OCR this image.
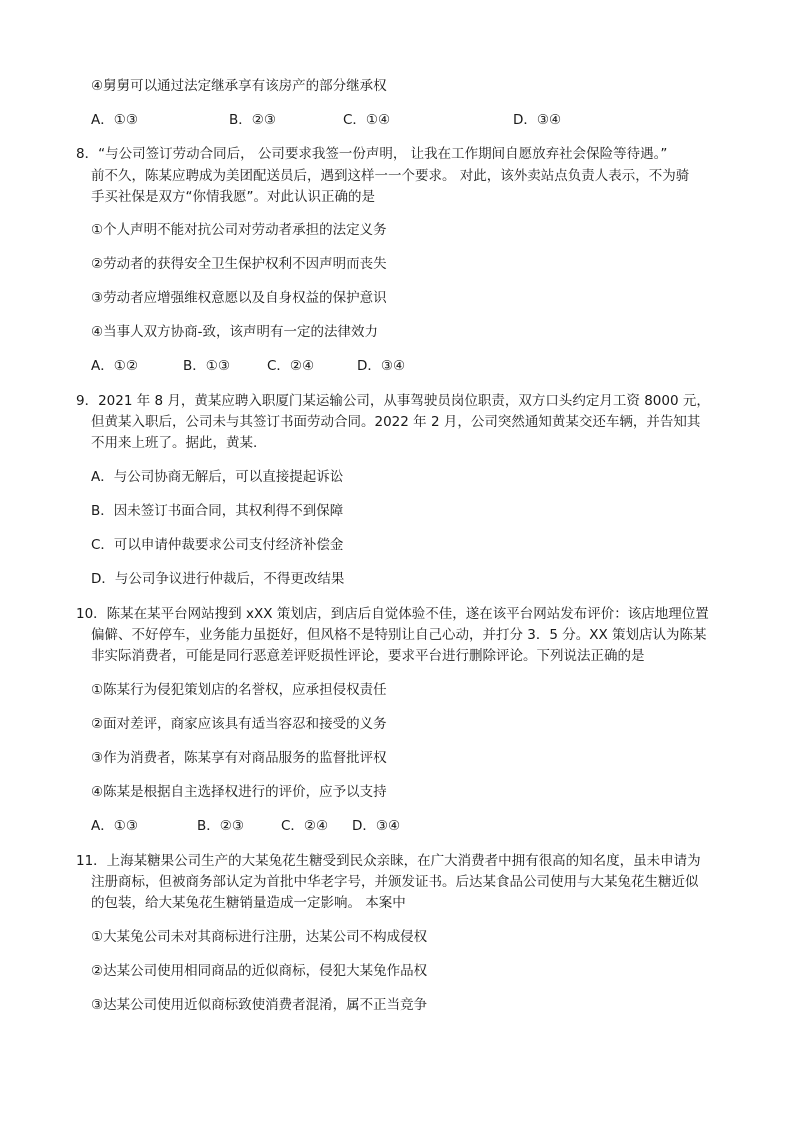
④舅舅可以通过法定继承享有该房产的部分继承权
A．①③	B．②③	C．①④	D．③④
8．“与公司签订劳动合同后， 公司要求我签一份声明， 让我在工作期间自愿放弃社会保险等待遇。”
前不久，陈某应聘成为美团配送员后，遇到这样一一个要求。 对此，该外卖站点负责人表示，不为骑
手买社保是双方“你情我愿”。对此认识正确的是
①个人声明不能对抗公司对劳动者承担的法定义务
②劳动者的获得安全卫生保护权利不因声明而丧失
③劳动者应增强维权意愿以及自身权益的保护意识
④当事人双方协商-致，该声明有一定的法律效力
A．①②	B．①③	C．②④	D．③④
9．2021 年 8 月，黄某应聘入职厦门某运输公司，从事驾驶员岗位职责，双方口头约定月工资 8000 元，
但黄某入职后，公司未与其签订书面劳动合同。2022 年 2 月，公司突然通知黄某交还车辆，并告知其
不用来上班了。据此，黄某.
A．与公司协商无解后，可以直接提起诉讼
B．因未签订书面合同，其权利得不到保障
C．可以申请仲裁要求公司支付经济补偿金
D．与公司争议进行仲裁后，不得更改结果
10．陈某在某平台网站搜到 xXX 策划店，到店后自觉体验不佳，遂在该平台网站发布评价：该店地理位置
偏僻、不好停车，业务能力虽挺好，但风格不是特别让自己心动，并打分 3．5 分。XX 策划店认为陈某
非实际消费者，可能是同行恶意差评贬损性评论，要求平台进行删除评论。下列说法正确的是
①陈某行为侵犯策划店的名誉权，应承担侵权责任
②面对差评，商家应该具有适当容忍和接受的义务
③作为消费者，陈某享有对商品服务的监督批评权
④陈某是根据自主选择权进行的评价，应予以支持
A．①③	B．②③	C．②④ D．③④
11．上海某糖果公司生产的大某兔花生糖受到民众亲睐，在广大消费者中拥有很高的知名度，虽未申请为
注册商标，但被商务部认定为首批中华老字号，并颁发证书。后达某食品公司使用与大某兔花生糖近似
的包装，给大某兔花生糖销量造成一定影响。 本案中
①大某兔公司未对其商标进行注册，达某公司不构成侵权
②达某公司使用相同商品的近似商标，侵犯大某兔作品权
③达某公司使用近似商标致使消费者混淆，属不正当竞争
